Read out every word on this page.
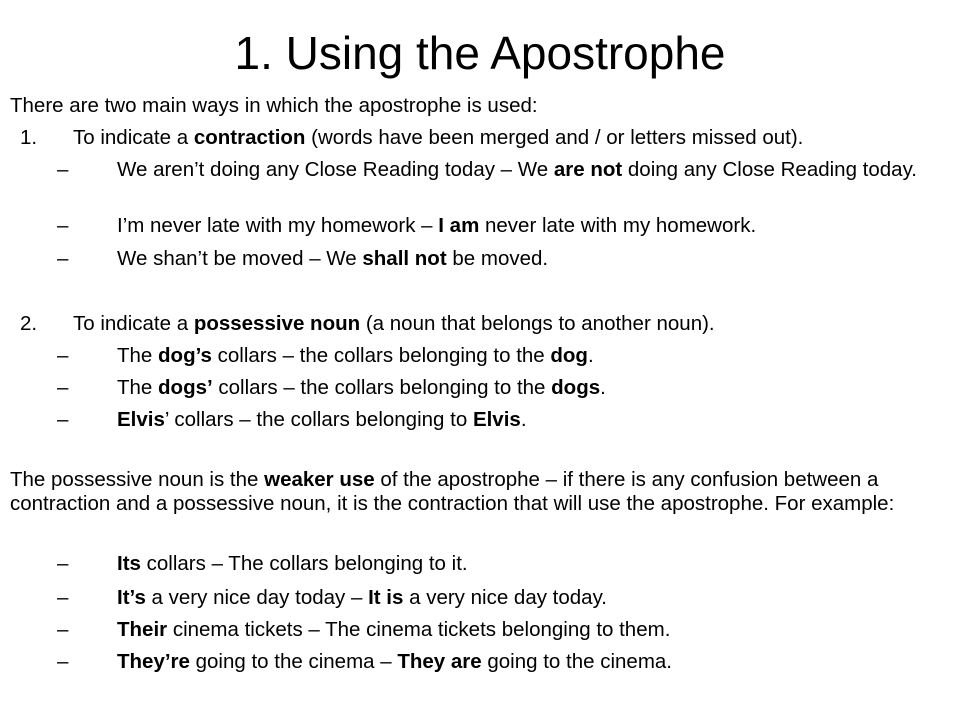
1. Using the Apostrophe
There are two main ways in which the apostrophe is used:
1.	To indicate a contraction (words have been merged and / or letters missed out).
– We aren’t doing any Close Reading today – We are not doing any Close Reading today.
– I’m never late with my homework – I am never late with my homework.
– We shan’t be moved – We shall not be moved.
2.	To indicate a possessive noun (a noun that belongs to another noun).
– The dog’s collars – the collars belonging to the dog.
– The dogs’ collars – the collars belonging to the dogs.
– Elvis’ collars – the collars belonging to Elvis.
The possessive noun is the weaker use of the apostrophe – if there is any confusion between a contraction and a possessive noun, it is the contraction that will use the apostrophe. For example:
– Its collars – The collars belonging to it.
– It’s a very nice day today – It is a very nice day today.
– Their cinema tickets – The cinema tickets belonging to them.
– They’re going to the cinema – They are going to the cinema.
